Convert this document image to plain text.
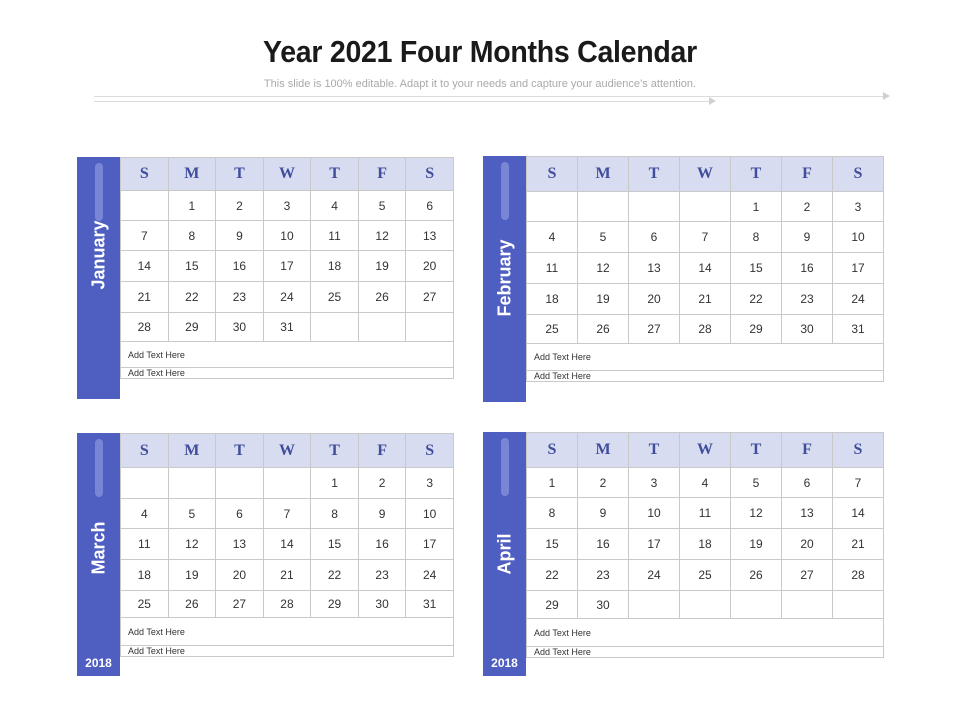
Year 2021 Four Months Calendar
This slide is 100% editable. Adapt it to your needs and capture your audience’s attention.
January
S	M	T	W	T	F	S
	1	2	3	4	5	6
7	8	9	10	11	12	13
14	15	16	17	18	19	20
21	22	23	24	25	26	27
28	29	30	31			
Add Text Here						
Add Text Here						
February
S	M	T	W	T	F	S
				1	2	3
4	5	6	7	8	9	10
11	12	13	14	15	16	17
18	19	20	21	22	23	24
25	26	27	28	29	30	31
Add Text Here						
Add Text Here						
March
2018
S	M	T	W	T	F	S
				1	2	3
4	5	6	7	8	9	10
11	12	13	14	15	16	17
18	19	20	21	22	23	24
25	26	27	28	29	30	31
Add Text Here						
Add Text Here						
April
2018
S	M	T	W	T	F	S
1	2	3	4	5	6	7
8	9	10	11	12	13	14
15	16	17	18	19	20	21
22	23	24	25	26	27	28
29	30					
Add Text Here						
Add Text Here						
